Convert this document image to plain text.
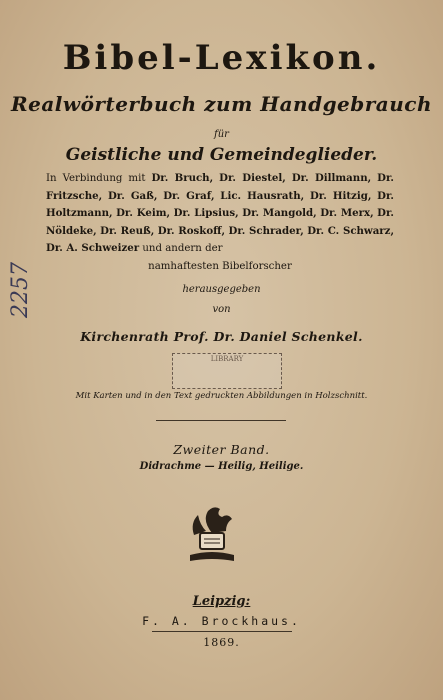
Bibel-Lexikon.
Realwörterbuch zum Handgebrauch
für
Geistliche und Gemeindeglieder.
In Verbindung mit Dr. Bruch, Dr. Diestel, Dr. Dillmann, Dr. Fritzsche, Dr. Gaß, Dr. Graf, Lic. Hausrath, Dr. Hitzig, Dr. Holtzmann, Dr. Keim, Dr. Lipsius, Dr. Mangold, Dr. Merx, Dr. Nöldeke, Dr. Reuß, Dr. Roskoff, Dr. Schrader, Dr. C. Schwarz, Dr. A. Schweizer und andern der
namhaftesten Bibelforscher
2257	herausgegeben
von
Kirchenrath Prof. Dr. Daniel Schenkel.
LIBRARY
Mit Karten und in den Text gedruckten Abbildungen in Holzschnitt.
Zweiter Band.
Didrachme — Heilig, Heilige.
Leipzig:
F. A. Brockhaus.
1869.
